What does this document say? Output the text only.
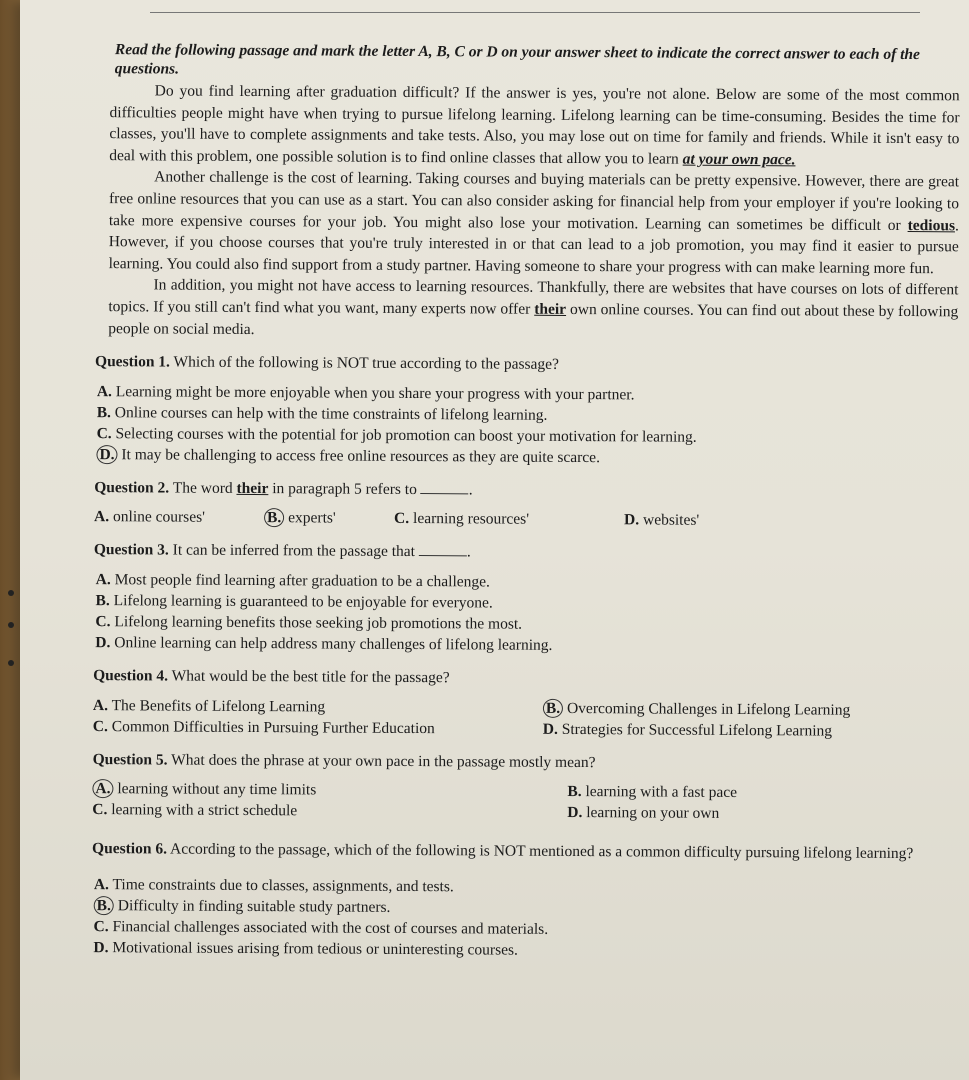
Read the following passage and mark the letter A, B, C or D on your answer sheet to indicate the correct answer to each of the questions.

Do you find learning after graduation difficult? If the answer is yes, you're not alone. Below are some of the most common difficulties people might have when trying to pursue lifelong learning. Lifelong learning can be time-consuming. Besides the time for classes, you'll have to complete assignments and take tests. Also, you may lose out on time for family and friends. While it isn't easy to deal with this problem, one possible solution is to find online classes that allow you to learn at your own pace.

Another challenge is the cost of learning. Taking courses and buying materials can be pretty expensive. However, there are great free online resources that you can use as a start. You can also consider asking for financial help from your employer if you're looking to take more expensive courses for your job. You might also lose your motivation. Learning can sometimes be difficult or tedious. However, if you choose courses that you're truly interested in or that can lead to a job promotion, you may find it easier to pursue learning. You could also find support from a study partner. Having someone to share your progress with can make learning more fun.

In addition, you might not have access to learning resources. Thankfully, there are websites that have courses on lots of different topics. If you still can't find what you want, many experts now offer their own online courses. You can find out about these by following people on social media.

Question 1. Which of the following is NOT true according to the passage?
A. Learning might be more enjoyable when you share your progress with your partner.
B. Online courses can help with the time constraints of lifelong learning.
C. Selecting courses with the potential for job promotion can boost your motivation for learning.
D. It may be challenging to access free online resources as they are quite scarce.
Question 2. The word their in paragraph 5 refers to	.
A. online courses'	B. experts'	C. learning resources'	D. websites'
Question 3. It can be inferred from the passage that	.
A. Most people find learning after graduation to be a challenge.
B. Lifelong learning is guaranteed to be enjoyable for everyone.
C. Lifelong learning benefits those seeking job promotions the most.
D. Online learning can help address many challenges of lifelong learning.
Question 4. What would be the best title for the passage?
A. The Benefits of Lifelong Learning	B. Overcoming Challenges in Lifelong Learning
C. Common Difficulties in Pursuing Further Education	D. Strategies for Successful Lifelong Learning
Question 5. What does the phrase at your own pace in the passage mostly mean?
A. learning without any time limits	B. learning with a fast pace
C. learning with a strict schedule	D. learning on your own
Question 6. According to the passage, which of the following is NOT mentioned as a common difficulty pursuing lifelong learning?
A. Time constraints due to classes, assignments, and tests.
B. Difficulty in finding suitable study partners.
C. Financial challenges associated with the cost of courses and materials.
D. Motivational issues arising from tedious or uninteresting courses.
